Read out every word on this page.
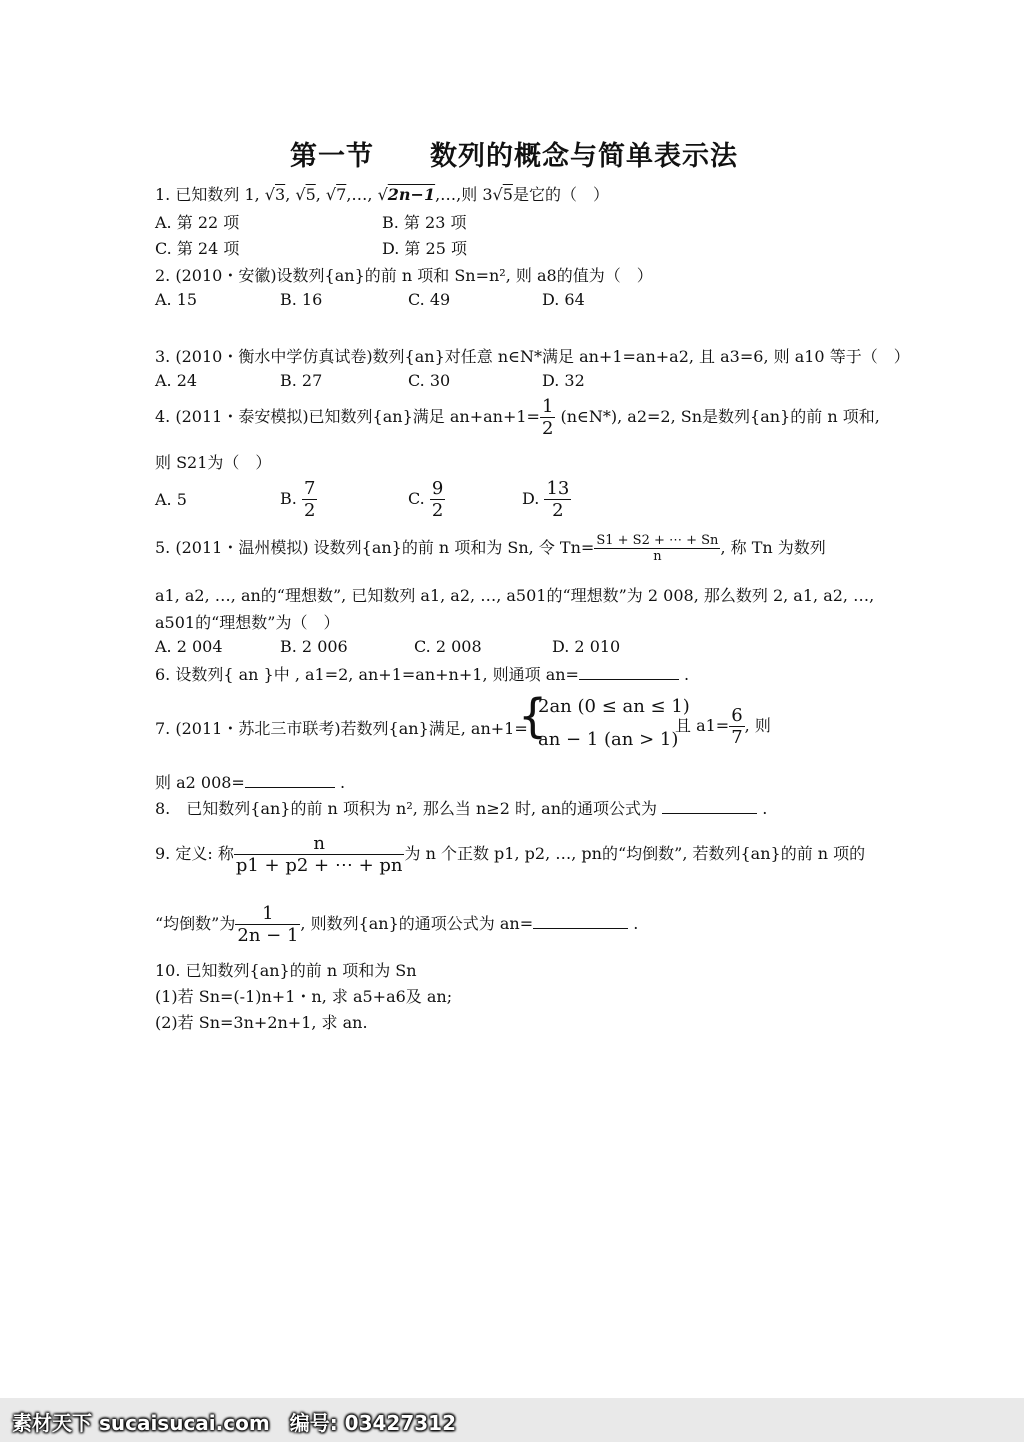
第一节　　数列的概念与简单表示法
1. 已知数列 1, √3, √5, √7,…, √2n−1,…,则 3√5是它的（　）
A. 第 22 项	B. 第 23 项
C. 第 24 项	D. 第 25 项
2. (2010・安徽)设数列{an}的前 n 项和 Sn=n², 则 a8的值为（　）
A. 15	B. 16	C. 49	D. 64
3. (2010・衡水中学仿真试卷)数列{an}对任意 n∈N*满足 an+1=an+a2, 且 a3=6, 则 a10 等于（　）
A. 24	B. 27	C. 30	D. 32
4. (2011・泰安模拟)已知数列{an}满足 $an+an+1= \frac{1}{2}$ (n∈N*), a2=2, Sn是数列{an}的前 n 项和,
则 S21为（　）
A. 5	B. $\frac{7}{2}$	C. $\frac{9}{2}$	D. $\frac{13}{2}$
5. (2011・温州模拟) 设数列{an}的前 n 项和为 Sn, 令 $Tn= \frac{S1 + S2 + \cdots + Sn}{n}$ , 称 Tn 为数列
a1, a2, …, an的“理想数”, 已知数列 a1, a2, …, a501的“理想数”为 2 008, 那么数列 2, a1, a2, …,
a501的“理想数”为（　）
A. 2 004	B. 2 006	C. 2 008	D. 2 010
6. 设数列{ an }中 , a1=2, an+1=an+n+1, 则通项 an=	.
7. (2011・苏北三市联考)若数列{an}满足, an+1=
{
2an (0 ≤ an ≤ 1)
an − 1 (an > 1)
且 $a1= \frac{6}{7}$ , 则
则 a2 008=	.
8.　已知数列{an}的前 n 项积为 n², 那么当 n≥2 时, an的通项公式为	.
9. 定义: 称 $\frac{n}{p1 + p2 + \cdots + pn}$ 为 n 个正数 p1, p2, …, pn的“均倒数”, 若数列{an}的前 n 项的
“均倒数”为 $\frac{1}{2n - 1}$ , 则数列{an}的通项公式为 an=	.
10. 已知数列{an}的前 n 项和为 Sn
(1)若 Sn=(-1)n+1・n, 求 a5+a6及 an;
(2)若 Sn=3n+2n+1, 求 an.
素材天下 sucaisucai.com　编号: 03427312
